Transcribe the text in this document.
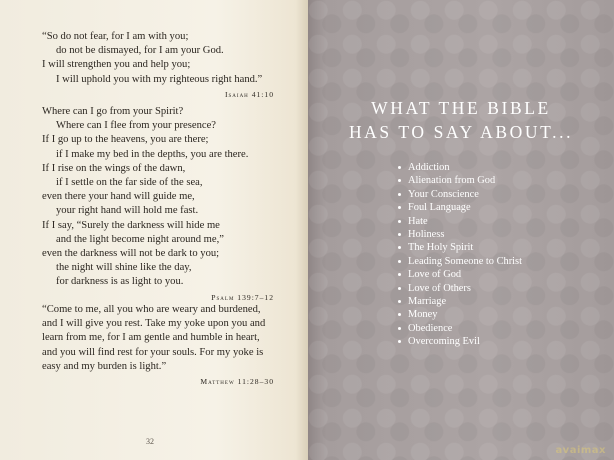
“So do not fear, for I am with you;
do not be dismayed, for I am your God.
I will strengthen you and help you;
I will uphold you with my righteous right hand.”
Isaiah 41:10
Where can I go from your Spirit?
Where can I flee from your presence?
If I go up to the heavens, you are there;
if I make my bed in the depths, you are there.
If I rise on the wings of the dawn,
if I settle on the far side of the sea,
even there your hand will guide me,
your right hand will hold me fast.
If I say, “Surely the darkness will hide me
and the light become night around me,”
even the darkness will not be dark to you;
the night will shine like the day,
for darkness is as light to you.
Psalm 139:7–12
“Come to me, all you who are weary and burdened,
and I will give you rest. Take my yoke upon you and
learn from me, for I am gentle and humble in heart,
and you will find rest for your souls. For my yoke is
easy and my burden is light.”
Matthew 11:28–30
32
WHAT THE BIBLE
HAS TO SAY ABOUT...
Addiction
Alienation from God
Your Conscience
Foul Language
Hate
Holiness
The Holy Spirit
Leading Someone to Christ
Love of God
Love of Others
Marriage
Money
Obedience
Overcoming Evil
avaimax
